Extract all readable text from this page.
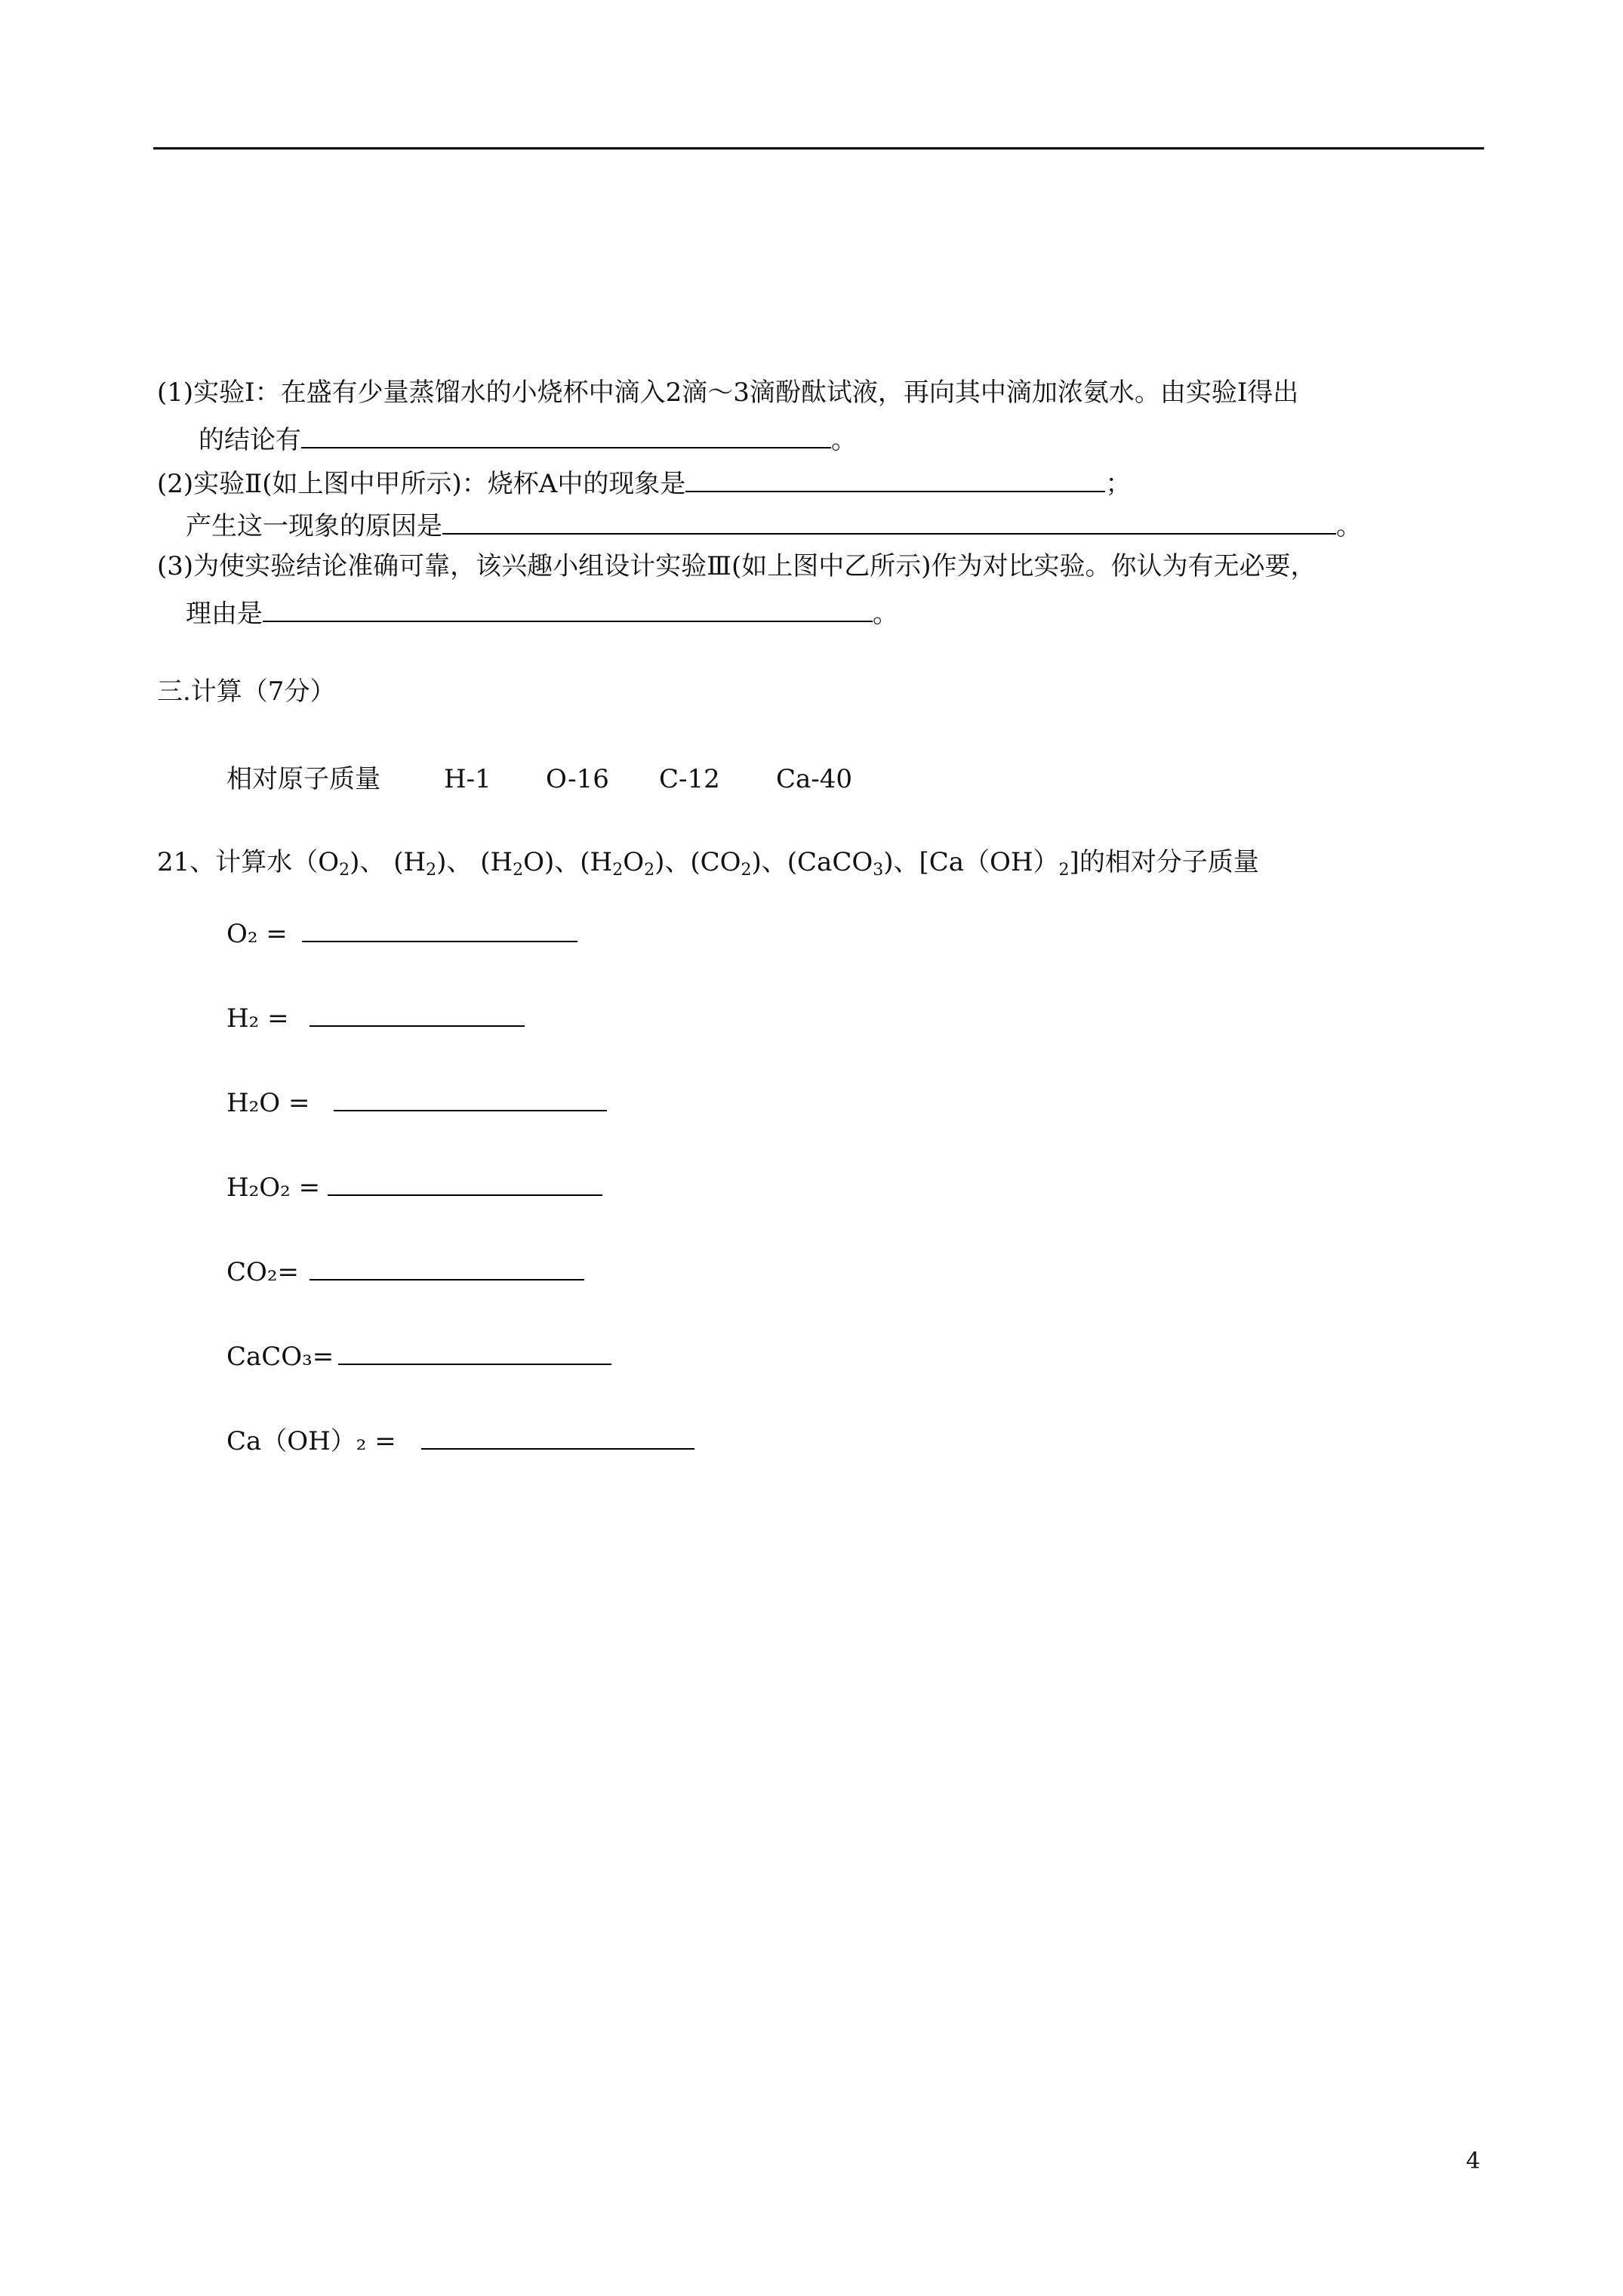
(1)实验Ⅰ：在盛有少量蒸馏水的小烧杯中滴入2滴～3滴酚酞试液，再向其中滴加浓氨水。由实验Ⅰ得出
的结论有	。
(2)实验Ⅱ(如上图中甲所示)：烧杯A中的现象是	；
产生这一现象的原因是	。
(3)为使实验结论准确可靠，该兴趣小组设计实验Ⅲ(如上图中乙所示)作为对比实验。你认为有无必要，
理由是	。
三.计算（7分）
相对原子质量 H-1 O-16 C-12 Ca-40
21、计算水$(O_2)$、 $(H_2)$、 $(H_2O)$、$(H_2O_2)$、$(CO_2)$、(CaCO$_3$)、$[Ca(OH)_2]$的相对分子质量
O₂ =
H₂ =
H₂O =
H₂O₂ =
CO₂=
CaCO₃=
Ca（OH）₂ =
4
